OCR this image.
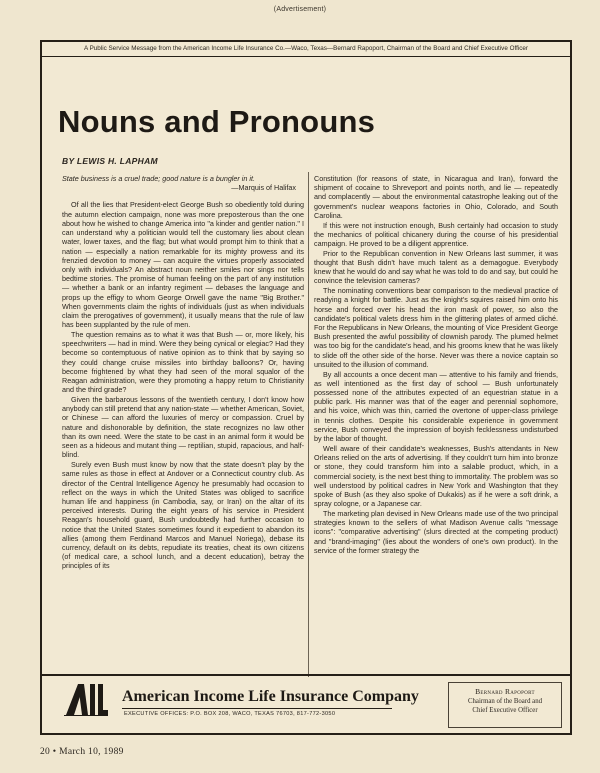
(Advertisement)
A Public Service Message from the American Income Life Insurance Co.—Waco, Texas—Bernard Rapoport, Chairman of the Board and Chief Executive Officer
Nouns and Pronouns
BY LEWIS H. LAPHAM

State business is a cruel trade; good nature is a bungler in it.

—Marquis of Halifax

Of all the lies that President-elect George Bush so obediently told during the autumn election campaign, none was more preposterous than the one about how he wished to change America into "a kinder and gentler nation." I can understand why a politician would tell the customary lies about clean water, lower taxes, and the flag; but what would prompt him to think that a nation — especially a nation remarkable for its mighty prowess and its frenzied devotion to money — can acquire the virtues properly associated only with individuals? An abstract noun neither smiles nor sings nor tells bedtime stories. The promise of human feeling on the part of any institution — whether a bank or an infantry regiment — debases the language and props up the effigy to whom George Orwell gave the name "Big Brother." When governments claim the rights of individuals (just as when individuals claim the prerogatives of government), it usually means that the rule of law has been supplanted by the rule of men.

The question remains as to what it was that Bush — or, more likely, his speechwriters — had in mind. Were they being cynical or elegiac? Had they become so contemptuous of native opinion as to think that by saying so they could change cruise missiles into birthday balloons? Or, having become frightened by what they had seen of the moral squalor of the Reagan administration, were they promoting a happy return to Christianity and the third grade?

Given the barbarous lessons of the twentieth century, I don't know how anybody can still pretend that any nation-state — whether American, Soviet, or Chinese — can afford the luxuries of mercy or compassion. Cruel by nature and dishonorable by definition, the state recognizes no law other than its own need. Were the state to be cast in an animal form it would be seen as a hideous and mutant thing — reptilian, stupid, rapacious, and half-blind.

Surely even Bush must know by now that the state doesn't play by the same rules as those in effect at Andover or a Connecticut country club. As director of the Central Intelligence Agency he presumably had occasion to reflect on the ways in which the United States was obliged to sacrifice human life and happiness (in Cambodia, say, or Iran) on the altar of its perceived interests. During the eight years of his service in President Reagan's household guard, Bush undoubtedly had further occasion to notice that the United States sometimes found it expedient to abandon its allies (among them Ferdinand Marcos and Manuel Noriega), debase its currency, default on its debts, repudiate its treaties, cheat its own citizens (of medical care, a school lunch, and a decent education), betray the principles of its

Constitution (for reasons of state, in Nicaragua and Iran), forward the shipment of cocaine to Shreveport and points north, and lie — repeatedly and complacently — about the environmental catastrophe leaking out of the government's nuclear weapons factories in Ohio, Colorado, and South Carolina.

If this were not instruction enough, Bush certainly had occasion to study the mechanics of political chicanery during the course of his presidential campaign. He proved to be a diligent apprentice.

Prior to the Republican convention in New Orleans last summer, it was thought that Bush didn't have much talent as a demagogue. Everybody knew that he would do and say what he was told to do and say, but could he convince the television cameras?

The nominating conventions bear comparison to the medieval practice of readying a knight for battle. Just as the knight's squires raised him onto his horse and forced over his head the iron mask of power, so also the candidate's political valets dress him in the glittering plates of armed cliché. For the Republicans in New Orleans, the mounting of Vice President George Bush presented the awful possibility of clownish parody. The plumed helmet was too big for the candidate's head, and his grooms knew that he was likely to slide off the other side of the horse. Never was there a novice captain so unsuited to the illusion of command.

By all accounts a once decent man — attentive to his family and friends, as well intentioned as the first day of school — Bush unfortunately possessed none of the attributes expected of an equestrian statue in a public park. His manner was that of the eager and perennial sophomore, and his voice, which was thin, carried the overtone of upper-class privilege in tennis clothes. Despite his considerable experience in government service, Bush conveyed the impression of boyish fecklessness undisturbed by the labor of thought.

Well aware of their candidate's weaknesses, Bush's attendants in New Orleans relied on the arts of advertising. If they couldn't turn him into bronze or stone, they could transform him into a salable product, which, in a commercial society, is the next best thing to immortality. The problem was so well understood by political cadres in New York and Washington that they spoke of Bush (as they also spoke of Dukakis) as if he were a soft drink, a spray cologne, or a Japanese car.

The marketing plan devised in New Orleans made use of the two principal strategies known to the sellers of what Madison Avenue calls "message icons": "comparative advertising" (slurs directed at the competing product) and "brand-imaging" (lies about the wonders of one's own product). In the service of the former strategy the

American Income Life Insurance Company
EXECUTIVE OFFICES: P.O. BOX 208, WACO, TEXAS 76703, 817-772-3050
Bernard Rapoport
Chairman of the Board and
Chief Executive Officer
20 • March 10, 1989
